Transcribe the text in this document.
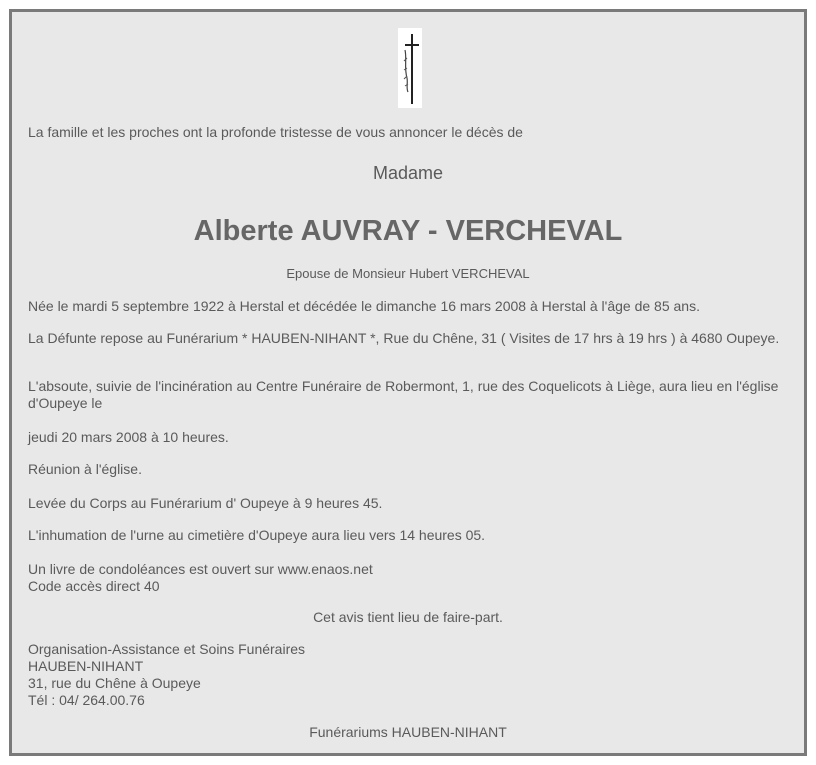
La famille et les proches ont la profonde tristesse de vous annoncer le décès de

Madame

Alberte AUVRAY - VERCHEVAL

Epouse de Monsieur Hubert VERCHEVAL

Née le mardi 5 septembre 1922 à Herstal et décédée le dimanche 16 mars 2008 à Herstal à l'âge de 85 ans.

La Défunte repose au Funérarium * HAUBEN-NIHANT *, Rue du Chêne, 31 ( Visites de 17 hrs à 19 hrs ) à 4680 Oupeye.

L'absoute, suivie de l'incinération au Centre Funéraire de Robermont, 1, rue des Coquelicots à Liège, aura lieu en l'église d'Oupeye le

jeudi 20 mars 2008 à 10 heures.

Réunion à l'église.

Levée du Corps au Funérarium d' Oupeye à 9 heures 45.

L'inhumation de l'urne au cimetière d'Oupeye aura lieu vers 14 heures 05.

Un livre de condoléances est ouvert sur www.enaos.net
Code accès direct 40

Cet avis tient lieu de faire-part.

Organisation-Assistance et Soins Funéraires
HAUBEN-NIHANT
31, rue du Chêne à Oupeye
Tél : 04/ 264.00.76

Funérariums HAUBEN-NIHANT
